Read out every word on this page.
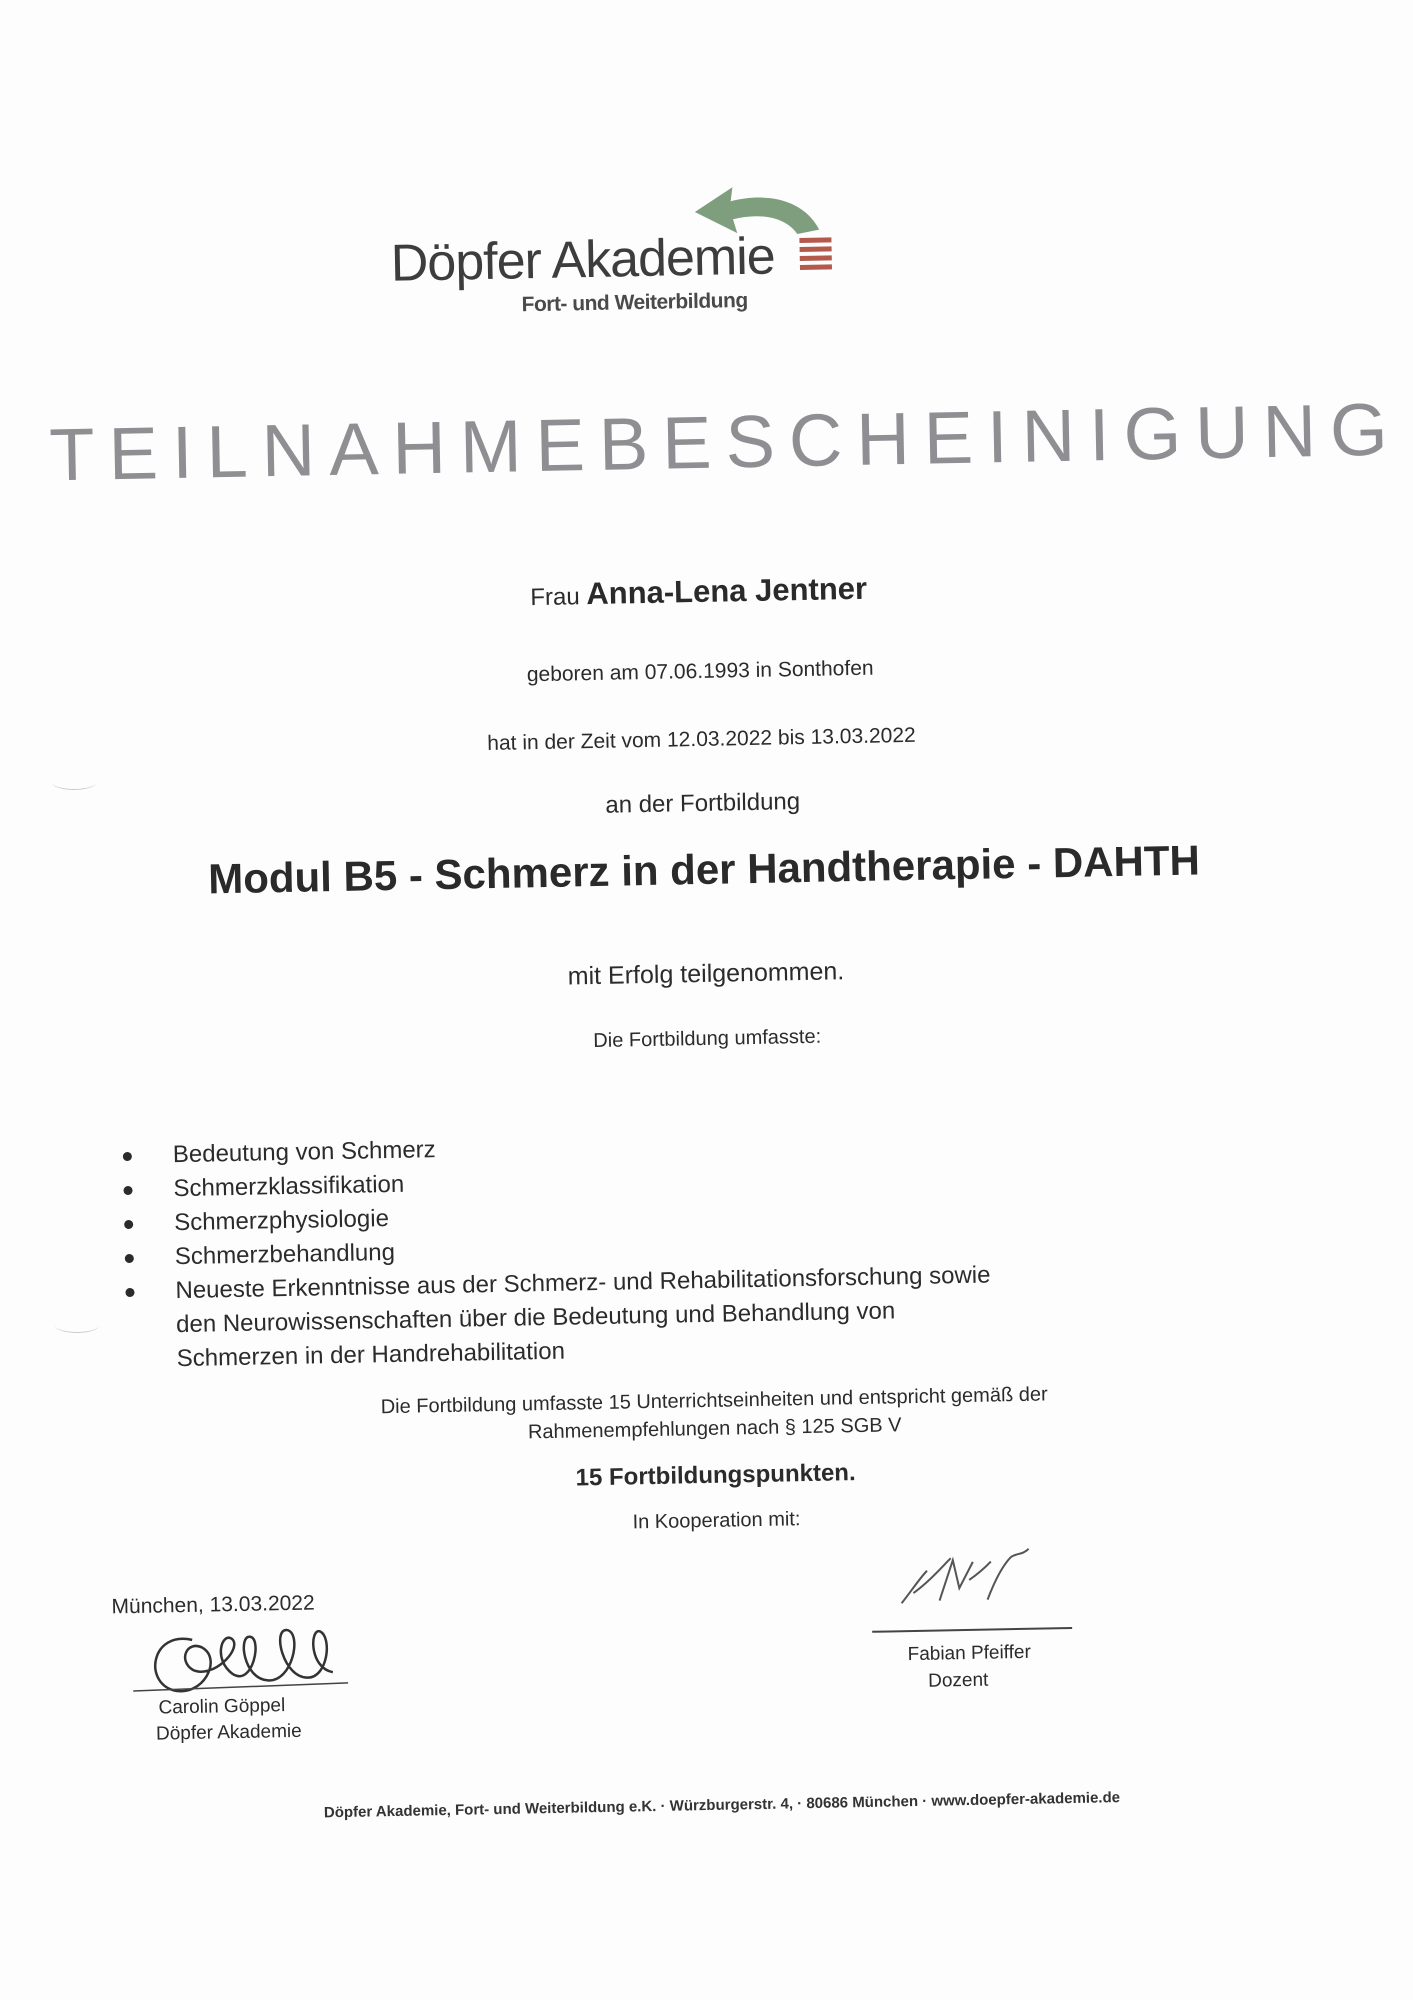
Döpfer Akademie
Fort- und Weiterbildung
TEILNAHMEBESCHEINIGUNG
Frau Anna-Lena Jentner
geboren am 07.06.1993 in Sonthofen
hat in der Zeit vom 12.03.2022 bis 13.03.2022
an der Fortbildung
Modul B5 - Schmerz in der Handtherapie - DAHTH
mit Erfolg teilgenommen.
Die Fortbildung umfasste:
Bedeutung von Schmerz
Schmerzklassifikation
Schmerzphysiologie
Schmerzbehandlung
Neueste Erkenntnisse aus der Schmerz- und Rehabilitationsforschung sowie den Neurowissenschaften über die Bedeutung und Behandlung von Schmerzen in der Handrehabilitation
Die Fortbildung umfasste 15 Unterrichtseinheiten und entspricht gemäß der
Rahmenempfehlungen nach § 125 SGB V
15 Fortbildungspunkten.
In Kooperation mit:
München, 13.03.2022
Carolin Göppel
Döpfer Akademie
Fabian Pfeiffer
Dozent
Döpfer Akademie, Fort- und Weiterbildung e.K. · Würzburgerstr. 4, · 80686 München · www.doepfer-akademie.de
